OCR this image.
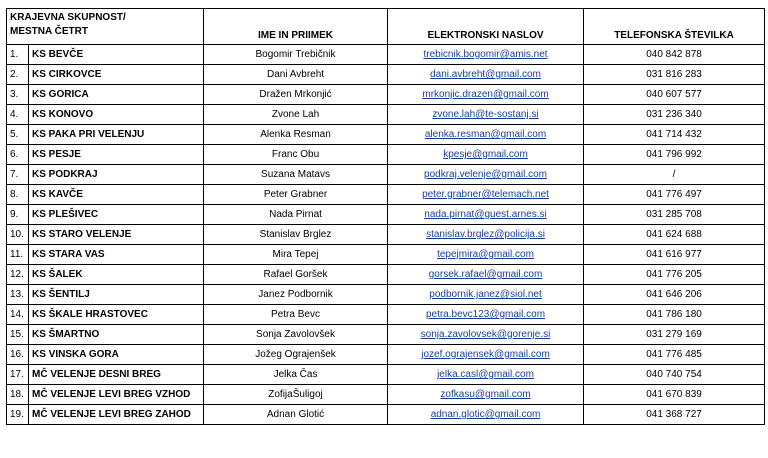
KRAJEVNA SKUPNOST/
MESTNA ČETRT		IME IN PRIIMEK	ELEKTRONSKI NASLOV	TELEFONSKA ŠTEVILKA
1.	KS BEVČE	Bogomir Trebičnik	trebicnik.bogomir@amis.net	040 842 878
2.	KS CIRKOVCE	Dani Avbreht	dani.avbreht@gmail.com	031 816 283
3.	KS GORICA	Dražen Mrkonjić	mrkonjic.drazen@gmail.com	040 607 577
4.	KS KONOVO	Zvone Lah	zvone.lah@te-sostanj.si	031 236 340
5.	KS PAKA PRI VELENJU	Alenka Resman	alenka.resman@gmail.com	041 714 432
6.	KS PESJE	Franc Obu	kpesje@gmail.com	041 796 992
7.	KS PODKRAJ	Suzana Matavs	podkraj.velenje@gmail.com	/
8.	KS KAVČE	Peter Grabner	peter.grabner@telemach.net	041 776 497
9.	KS PLEŠIVEC	Nada Pirnat	nada.pirnat@guest.arnes.si	031 285 708
10.	KS STARO VELENJE	Stanislav Brglez	stanislav.brglez@policija.si	041 624 688
11.	KS STARA VAS	Mira Tepej	tepejmira@gmail.com	041 616 977
12.	KS ŠALEK	Rafael Goršek	gorsek.rafael@gmail.com	041 776 205
13.	KS ŠENTILJ	Janez Podbornik	podbornik.janez@siol.net	041 646 206
14.	KS ŠKALE HRASTOVEC	Petra Bevc	petra.bevc123@gmail.com	041 786 180
15.	KS ŠMARTNO	Sonja Zavolovšek	sonja.zavolovsek@gorenje.si	031 279 169
16.	KS VINSKA GORA	Jožeg Ograjenšek	jozef.ograjensek@gmail.com	041 776 485
17.	MČ VELENJE DESNI BREG	Jelka Čas	jelka.casl@gmail.com	040 740 754
18.	MČ VELENJE LEVI BREG VZHOD	ZofijaŠuligoj	zofkasu@gmail.com	041 670 839
19.	MČ VELENJE LEVI BREG ZAHOD	Adnan Glotić	adnan.glotic@gmail.com	041 368 727
